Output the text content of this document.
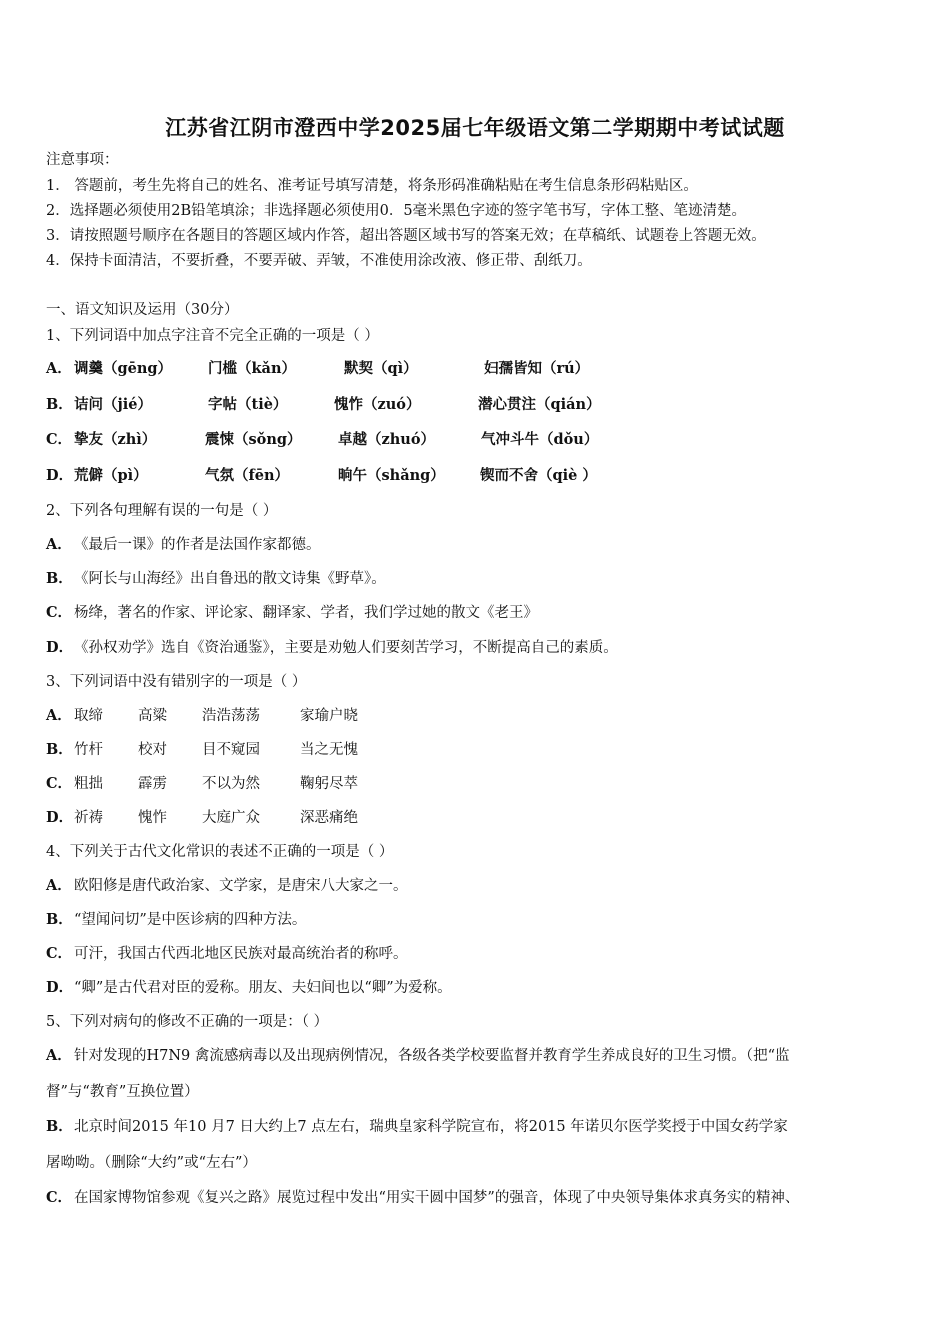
江苏省江阴市澄西中学2025届七年级语文第二学期期中考试试题
注意事项：
1． 答题前，考生先将自己的姓名、准考证号填写清楚，将条形码准确粘贴在考生信息条形码粘贴区。
2．选择题必须使用2B铅笔填涂；非选择题必须使用0．5毫米黑色字迹的签字笔书写，字体工整、笔迹清楚。
3．请按照题号顺序在各题目的答题区域内作答，超出答题区域书写的答案无效；在草稿纸、试题卷上答题无效。
4．保持卡面清洁，不要折叠，不要弄破、弄皱，不准使用涂改液、修正带、刮纸刀。
一、语文知识及运用（30分）
1、下列词语中加点字注音不完全正确的一项是（ ）
A． 调羹（gēng） 门槛（kǎn）	默契（qì）	妇孺皆知（rú）
B． 诘问（jié）	字帖（tiè）	愧怍（zuó）	潜心贯注（qián）
C． 挚友（zhì）	震悚（sǒng）	卓越（zhuó）	气冲斗牛（dǒu）
D． 荒僻（pì）	气氛（fēn）	晌午（shǎng） 锲而不舍（qiè ）
2、下列各句理解有误的一句是（ ）
A． 《最后一课》的作者是法国作家都德。
B．《阿长与山海经》出自鲁迅的散文诗集《野草》。
C． 杨绛，著名的作家、评论家、翻译家、学者，我们学过她的散文《老王》
D．《孙权劝学》选自《资治通鉴》，主要是劝勉人们要刻苦学习，不断提高自己的素质。
3、下列词语中没有错别字的一项是（ ）
A． 取缔 高粱 浩浩荡荡	家瑜户晓
B． 竹杆 校对 目不窥园	当之无愧
C． 粗拙 霹雳 不以为然	鞠躬尽萃
D． 祈祷 愧怍 大庭广众	深恶痛绝
4、下列关于古代文化常识的表述不正确的一项是（ ）
A． 欧阳修是唐代政治家、文学家，是唐宋八大家之一。
B．“望闻问切”是中医诊病的四种方法。
C． 可汗，我国古代西北地区民族对最高统治者的称呼。
D．“卿”是古代君对臣的爱称。朋友、夫妇间也以“卿”为爱称。
5、下列对病句的修改不正确的一项是：（ ）
A． 针对发现的H7N9 禽流感病毒以及出现病例情况，各级各类学校要监督并教育学生养成良好的卫生习惯。（把“监
督”与“教育”互换位置）
B．北京时间2015 年10 月7 日大约上7 点左右，瑞典皇家科学院宣布，将2015 年诺贝尔医学奖授于中国女药学家
屠呦呦。（删除“大约”或“左右”）
C． 在国家博物馆参观《复兴之路》展览过程中发出“用实干圆中国梦”的强音，体现了中央领导集体求真务实的精神、
